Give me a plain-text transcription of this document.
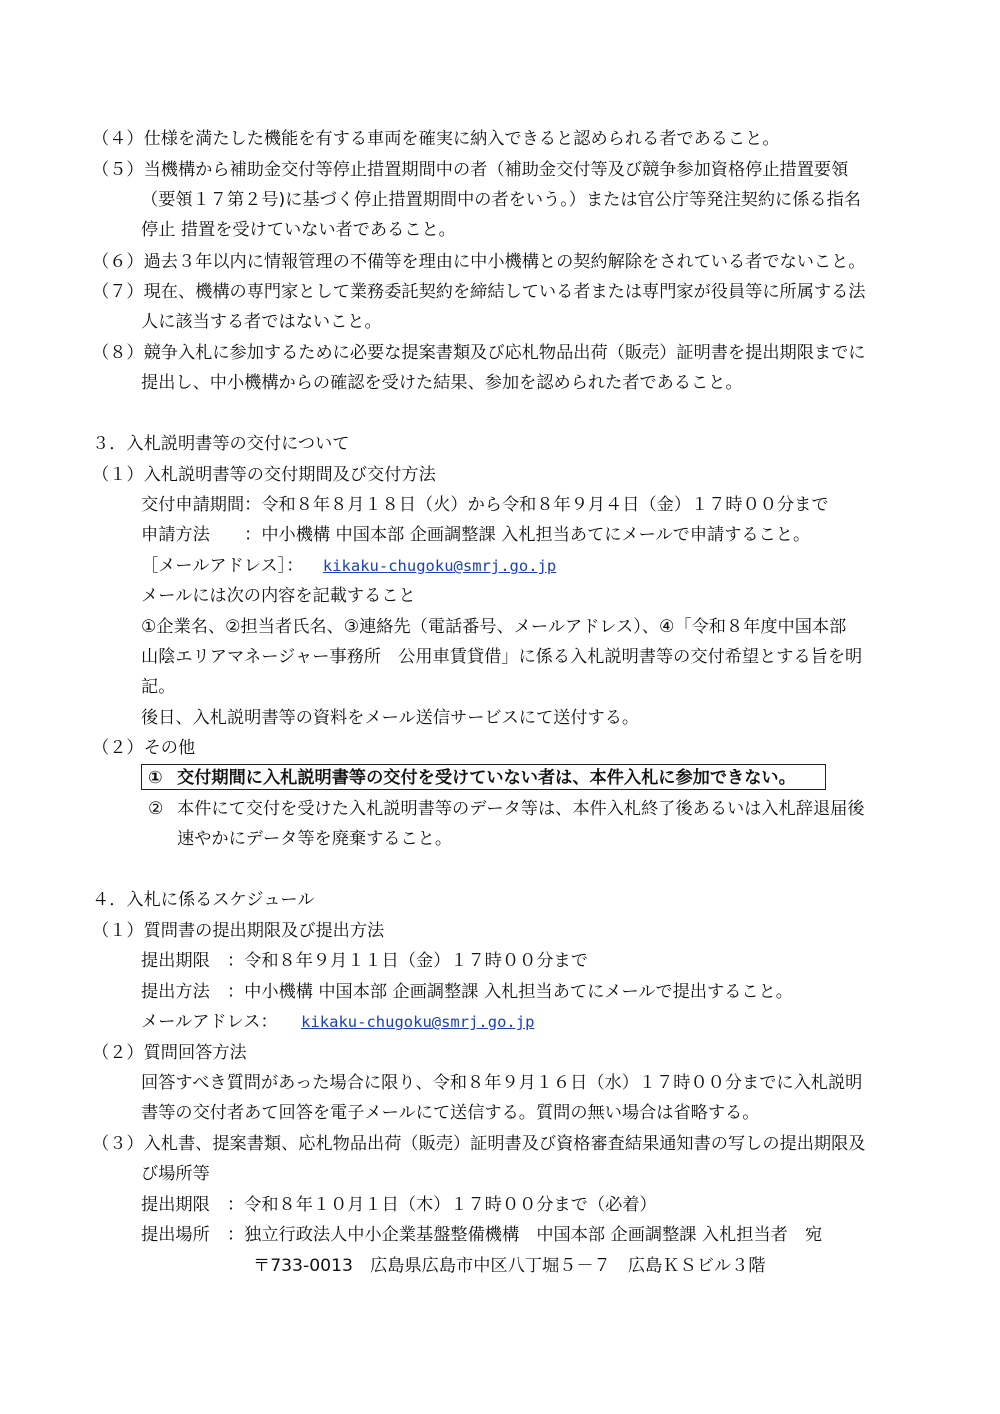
（４）仕様を満たした機能を有する車両を確実に納入できると認められる者であること。
（５）当機構から補助金交付等停止措置期間中の者（補助金交付等及び競争参加資格停止措置要領
（要領１７第２号)に基づく停止措置期間中の者をいう。）または官公庁等発注契約に係る指名
停止 措置を受けていない者であること。
（６）過去３年以内に情報管理の不備等を理由に中小機構との契約解除をされている者でないこと。
（７）現在、機構の専門家として業務委託契約を締結している者または専門家が役員等に所属する法
人に該当する者ではないこと。
（８）競争入札に参加するために必要な提案書類及び応札物品出荷（販売）証明書を提出期限までに
提出し、中小機構からの確認を受けた結果、参加を認められた者であること。
３．入札説明書等の交付について
（１）入札説明書等の交付期間及び交付方法
交付申請期間：令和８年８月１８日（火）から令和８年９月４日（金）１７時００分まで
申請方法　　：中小機構 中国本部 企画調整課 入札担当あてにメールで申請すること。
［メールアドレス］： kikaku-chugoku@smrj.go.jp
メールには次の内容を記載すること
①企業名、②担当者氏名、③連絡先（電話番号、メールアドレス）、④「令和８年度中国本部
山陰エリアマネージャー事務所　公用車賃貸借」に係る入札説明書等の交付希望とする旨を明
記。
後日、入札説明書等の資料をメール送信サービスにて送付する。
（２）その他
① 交付期間に入札説明書等の交付を受けていない者は、本件入札に参加できない。
② 本件にて交付を受けた入札説明書等のデータ等は、本件入札終了後あるいは入札辞退届後
速やかにデータ等を廃棄すること。
４．入札に係るスケジュール
（１）質問書の提出期限及び提出方法
提出期限　：令和８年９月１１日（金）１７時００分まで
提出方法　：中小機構 中国本部 企画調整課 入札担当あてにメールで提出すること。
メールアドレス： kikaku-chugoku@smrj.go.jp
（２）質問回答方法
回答すべき質問があった場合に限り、令和８年９月１６日（水）１７時００分までに入札説明
書等の交付者あて回答を電子メールにて送信する。質問の無い場合は省略する。
（３）入札書、提案書類、応札物品出荷（販売）証明書及び資格審査結果通知書の写しの提出期限及
び場所等
提出期限　：令和８年１０月１日（木）１７時００分まで（必着）
提出場所　：独立行政法人中小企業基盤整備機構　中国本部 企画調整課 入札担当者　宛
〒733-0013　広島県広島市中区八丁堀５－７　広島ＫＳビル３階
